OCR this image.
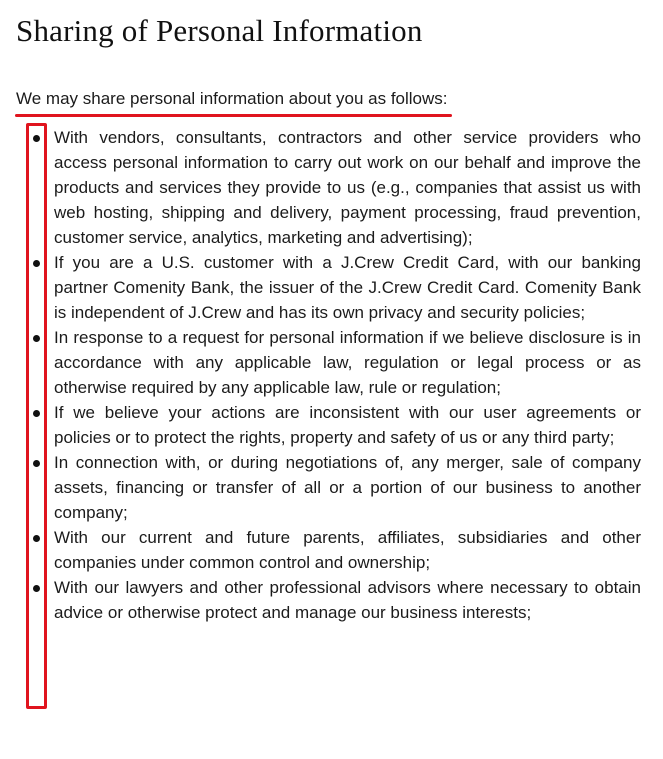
Sharing of Personal Information

We may share personal information about you as follows:

With vendors, consultants, contractors and other service providers who access personal information to carry out work on our behalf and improve the products and services they provide to us (e.g., companies that assist us with web hosting, shipping and delivery, payment processing, fraud prevention, customer service, analytics, marketing and advertising);
If you are a U.S. customer with a J.Crew Credit Card, with our banking partner Comenity Bank, the issuer of the J.Crew Credit Card. Comenity Bank is independent of J.Crew and has its own privacy and security policies;
In response to a request for personal information if we believe disclosure is in accordance with any applicable law, regulation or legal process or as otherwise required by any applicable law, rule or regulation;
If we believe your actions are inconsistent with our user agreements or policies or to protect the rights, property and safety of us or any third party;
In connection with, or during negotiations of, any merger, sale of company assets, financing or transfer of all or a portion of our business to another company;
With our current and future parents, affiliates, subsidiaries and other companies under common control and ownership;
With our lawyers and other professional advisors where necessary to obtain advice or otherwise protect and manage our business interests;
